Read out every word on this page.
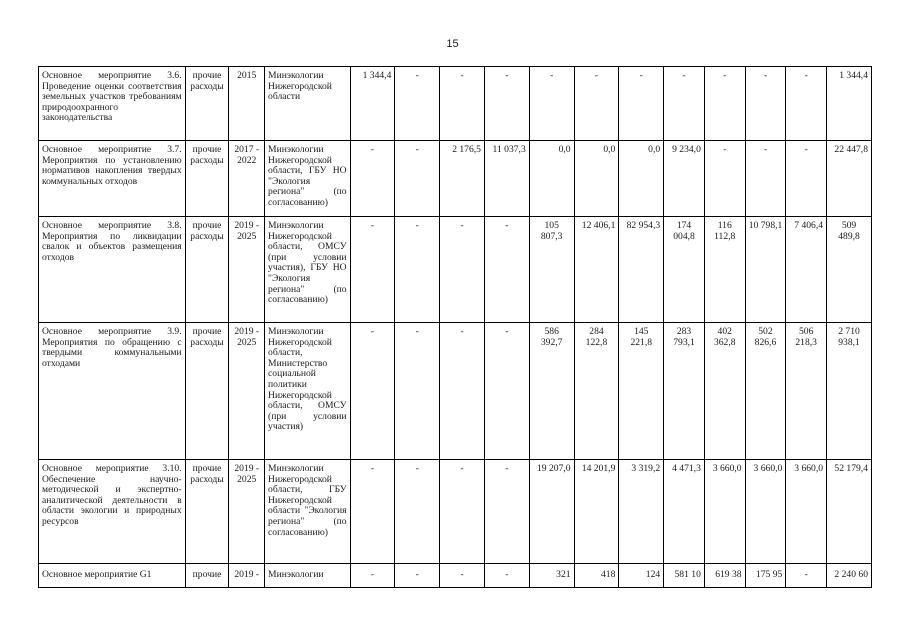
15
Основное мероприятие 3.6. Проведение оценки соответствия земельных участков требованиям природоохранного законодательства	прочие расходы	2015	Минэкологии Нижегородской области	1 344,4	-	-	-	-	-	-	-	-	-	-	1 344,4
Основное мероприятие 3.7. Мероприятия по установлению нормативов накопления твердых коммунальных отходов	прочие расходы	2017 - 2022	Минэкологии Нижегородской области, ГБУ НО "Экология региона" (по согласованию)	-	-	2 176,5	11 037,3	0,0	0,0	0,0	9 234,0	-	-	-	22 447,8
Основное мероприятие 3.8. Мероприятия по ликвидации свалок и объектов размещения отходов	прочие расходы	2019 - 2025	Минэкологии Нижегородской области, ОМСУ (при условии участия), ГБУ НО "Экология региона" (по согласованию)	-	-	-	-	105 807,3	12 406,1	82 954,3	174 004,8	116 112,8	10 798,1	7 406,4	509 489,8
Основное мероприятие 3.9. Мероприятия по обращению с твердыми коммунальными отходами	прочие расходы	2019 - 2025	Минэкологии Нижегородской области, Министерство социальной политики Нижегородской области, ОМСУ (при условии участия)	-	-	-	-	586 392,7	284 122,8	145 221,8	283 793,1	402 362,8	502 826,6	506 218,3	2 710 938,1
Основное мероприятие 3.10. Обеспечение научно-методической и экспертно-аналитической деятельности в области экологии и природных ресурсов	прочие расходы	2019 - 2025	Минэкологии Нижегородской области, ГБУ Нижегородской области "Экология региона" (по согласованию)	-	-	-	-	19 207,0	14 201,9	3 319,2	4 471,3	3 660,0	3 660,0	3 660,0	52 179,4
Основное мероприятие G1	прочие	2019 -	Минэкологии	-	-	-	-	321	418	124	581 10	619 38	175 95	-	2 240 60
